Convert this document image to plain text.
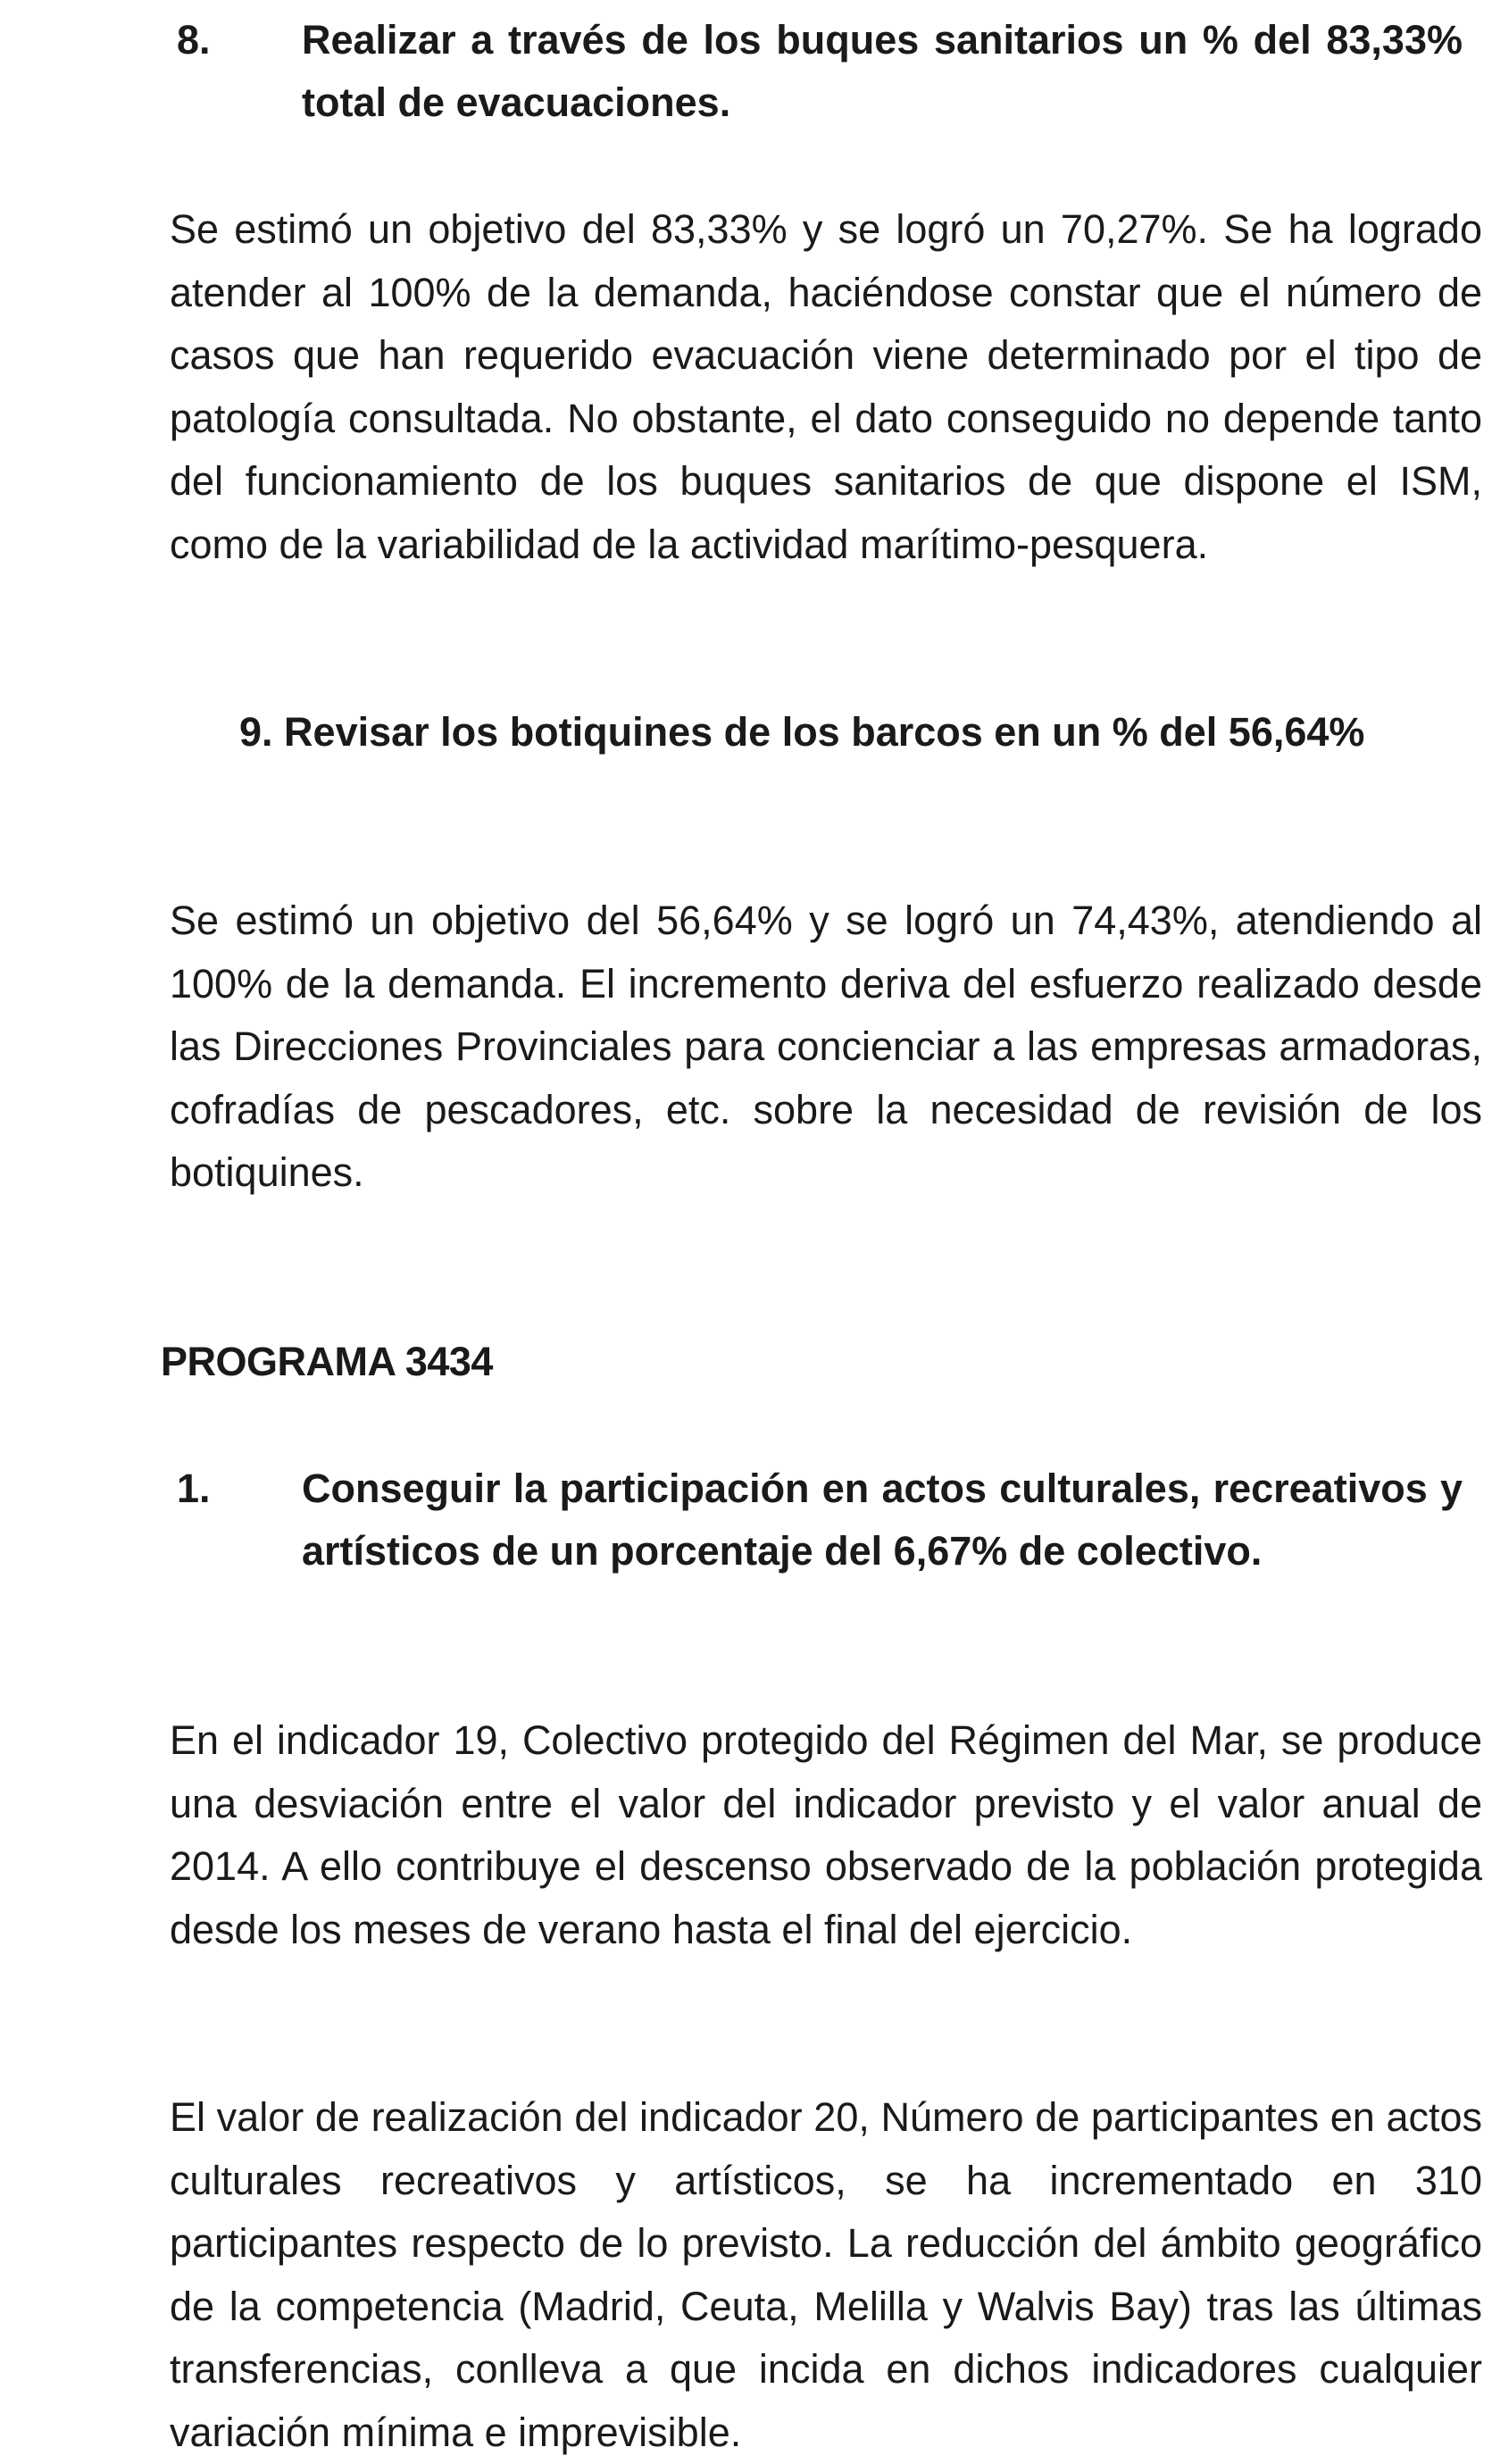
8. Realizar a través de los buques sanitarios un % del 83,33% total de evacuaciones.

Se estimó un objetivo del 83,33% y se logró un 70,27%. Se ha logrado atender al 100% de la demanda, haciéndose constar que el número de casos que han requerido evacuación viene determinado por el tipo de patología consultada. No obstante, el dato conseguido no depende tanto del funcionamiento de los buques sanitarios de que dispone el ISM, como de la variabilidad de la actividad marítimo-pesquera.

9. Revisar los botiquines de los barcos en un % del 56,64%

Se estimó un objetivo del 56,64% y se logró un 74,43%, atendiendo al 100% de la demanda. El incremento deriva del esfuerzo realizado desde las Direcciones Provinciales para concienciar a las empresas armadoras, cofradías de pescadores, etc. sobre la necesidad de revisión de los botiquines.

PROGRAMA 3434
1. Conseguir la participación en actos culturales, recreativos y artísticos de un porcentaje del 6,67% de colectivo.

En el indicador 19, Colectivo protegido del Régimen del Mar, se produce una desviación entre el valor del indicador previsto y el valor anual de 2014. A ello contribuye el descenso observado de la población protegida desde los meses de verano hasta el final del ejercicio.

El valor de realización del indicador 20, Número de participantes en actos culturales recreativos y artísticos, se ha incrementado en 310 participantes respecto de lo previsto. La reducción del ámbito geográfico de la competencia (Madrid, Ceuta, Melilla y Walvis Bay) tras las últimas transferencias, conlleva a que incida en dichos indicadores cualquier variación mínima e imprevisible.
